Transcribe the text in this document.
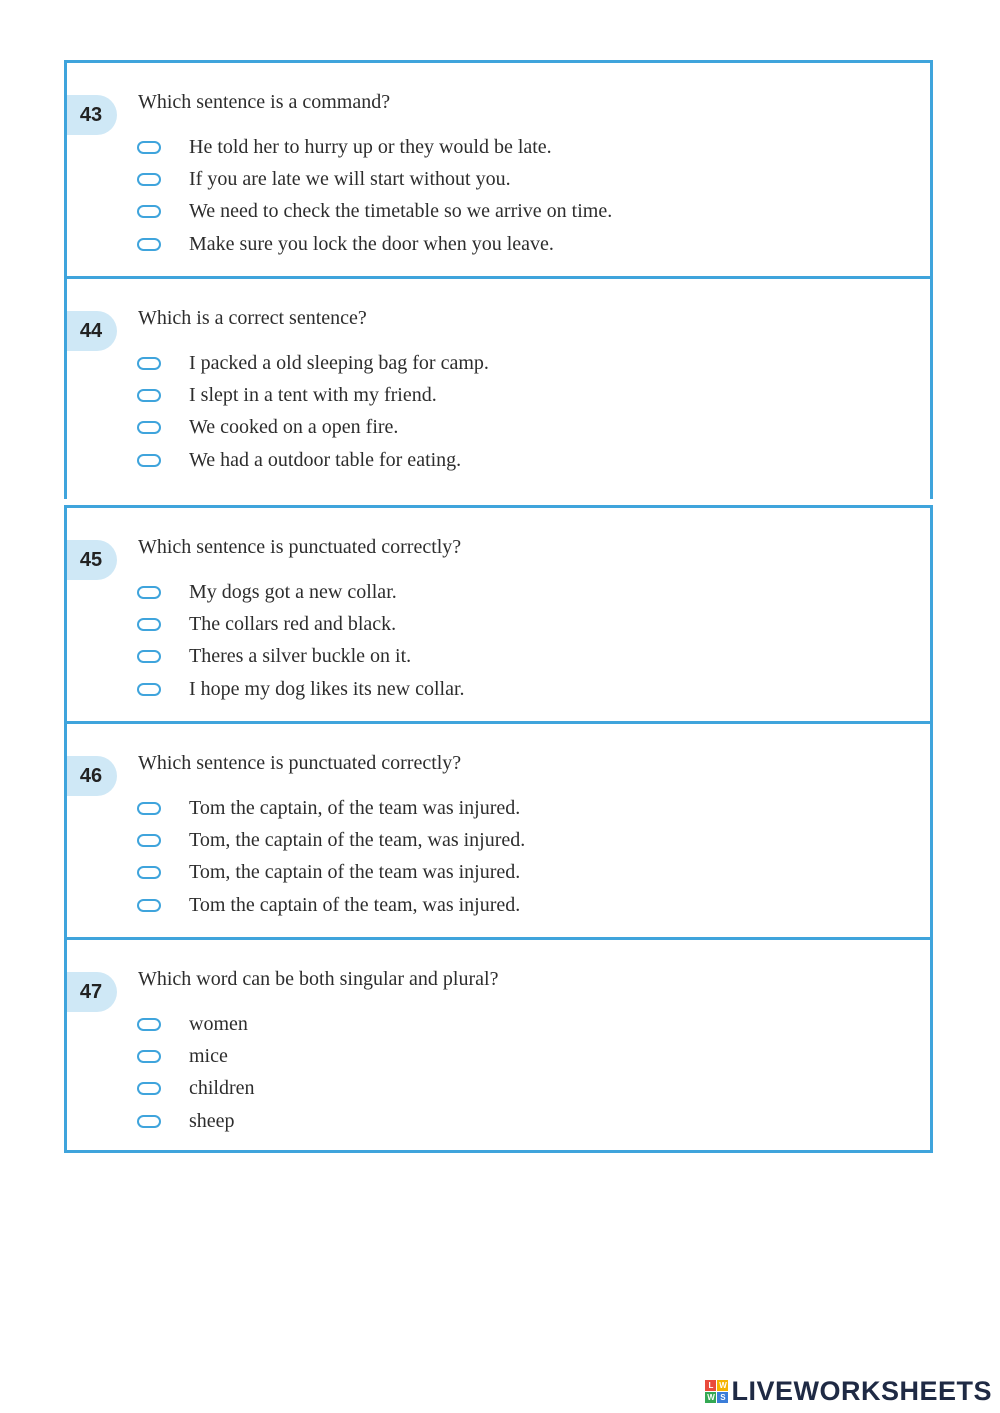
43
Which sentence is a command?
He told her to hurry up or they would be late.
If you are late we will start without you.
We need to check the timetable so we arrive on time.
Make sure you lock the door when you leave.
44
Which is a correct sentence?
I packed a old sleeping bag for camp.
I slept in a tent with my friend.
We cooked on a open fire.
We had a outdoor table for eating.
45
Which sentence is punctuated correctly?
My dogs got a new collar.
The collars red and black.
Theres a silver buckle on it.
I hope my dog likes its new collar.
46
Which sentence is punctuated correctly?
Tom the captain, of the team was injured.
Tom, the captain of the team, was injured.
Tom, the captain of the team was injured.
Tom the captain of the team, was injured.
47
Which word can be both singular and plural?
women
mice
children
sheep
L W
W S LIVEWORKSHEETS
